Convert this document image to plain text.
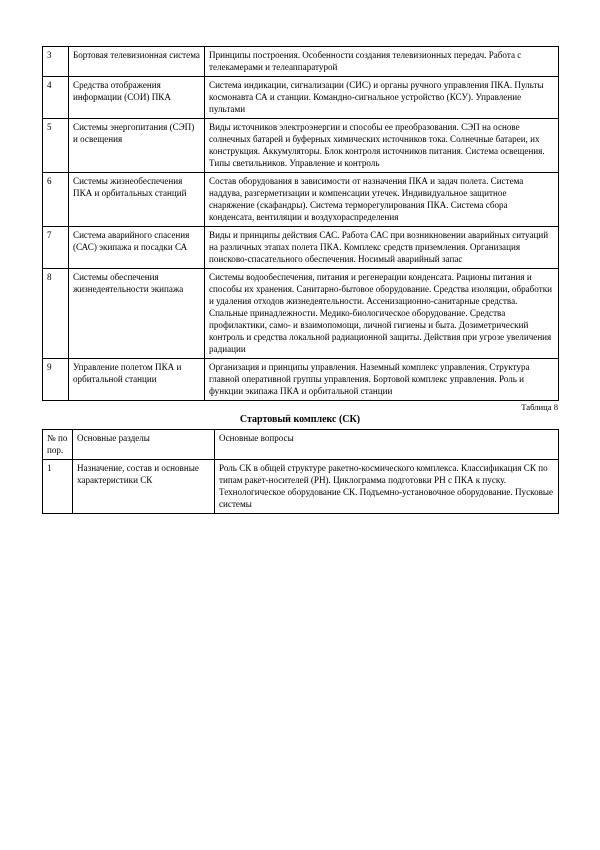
3	Бортовая телевизионная система	Принципы построения. Особенности создания телевизионных передач. Работа с телекамерами и телеаппаратурой
4	Средства отображения информации (СОИ) ПКА	Система индикации, сигнализации (СИС) и органы ручного управления ПКА. Пульты космонавта СА и станции. Командно-сигнальное устройство (КСУ). Управление пультами
5	Системы энергопитания (СЭП) и освещения	Виды источников электроэнергии и способы ее преобразования. СЭП на основе солнечных батарей и буферных химических источников тока. Солнечные батареи, их конструкция. Аккумуляторы. Блок контроля источников питания. Система освещения. Типы светильников. Управление и контроль
6	Системы жизнеобеспечения ПКА и орбитальных станций	Состав оборудования в зависимости от назначения ПКА и задач полета. Система наддува, разгерметизации и компенсации утечек. Индивидуальное защитное снаряжение (скафандры). Система терморегулирования ПКА. Система сбора конденсата, вентиляции и воздухораспределения
7	Система аварийного спасения (САС) экипажа и посадки СА	Виды и принципы действия САС. Работа САС при возникновении аварийных ситуаций на различных этапах полета ПКА. Комплекс средств приземления. Организация поисково-спасательного обеспечения. Носимый аварийный запас
8	Системы обеспечения жизнедеятельности экипажа	Системы водообеспечения, питания и регенерации конденсата. Рационы питания и способы их хранения. Санитарно-бытовое оборудование. Средства изоляции, обработки и удаления отходов жизнедеятельности. Ассенизационно-санитарные средства. Спальные принадлежности. Медико-биологическое оборудование. Средства профилактики, само- и взаимопомощи, личной гигиены и быта. Дозиметрический контроль и средства локальной радиационной защиты. Действия при угрозе увеличения радиации
9	Управление полетом ПКА и орбитальной станции	Организация и принципы управления. Наземный комплекс управления. Структура главной оперативной группы управления. Бортовой комплекс управления. Роль и функции экипажа ПКА и орбитальной станции

Таблица 8

Стартовый комплекс (СК)

№ по пор.	Основные разделы	Основные вопросы
1	Назначение, состав и основные характеристики СК	Роль СК в общей структуре ракетно-космического комплекса. Классификация СК по типам ракет-носителей (РН). Циклограмма подготовки РН с ПКА к пуску. Технологическое оборудование СК. Подъемно-установочное оборудование. Пусковые системы
